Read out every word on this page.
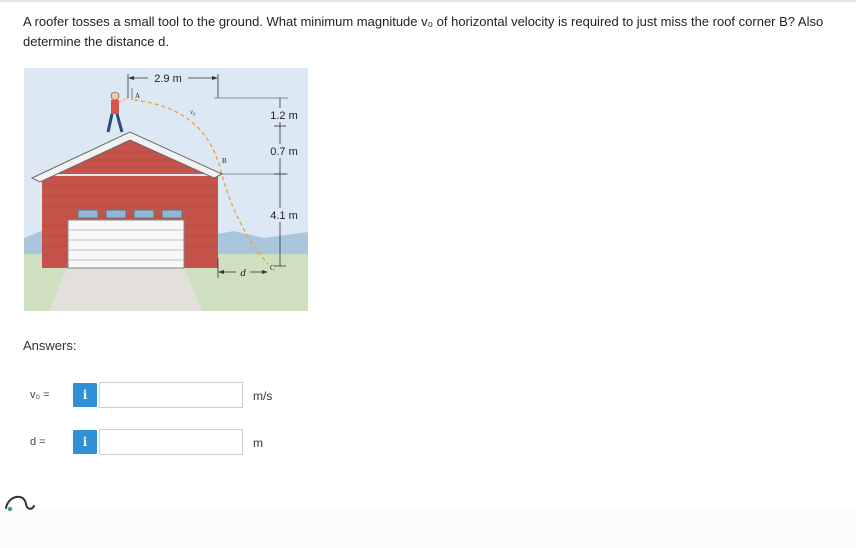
A roofer tosses a small tool to the ground. What minimum magnitude v₀ of horizontal velocity is required to just miss the roof corner B? Also determine the distance d.
2.9 m
A
v₀
B
1.2 m
0.7 m
4.1 m
d	C
Answers:
v₀ =	i	m/s
d =	i	m
